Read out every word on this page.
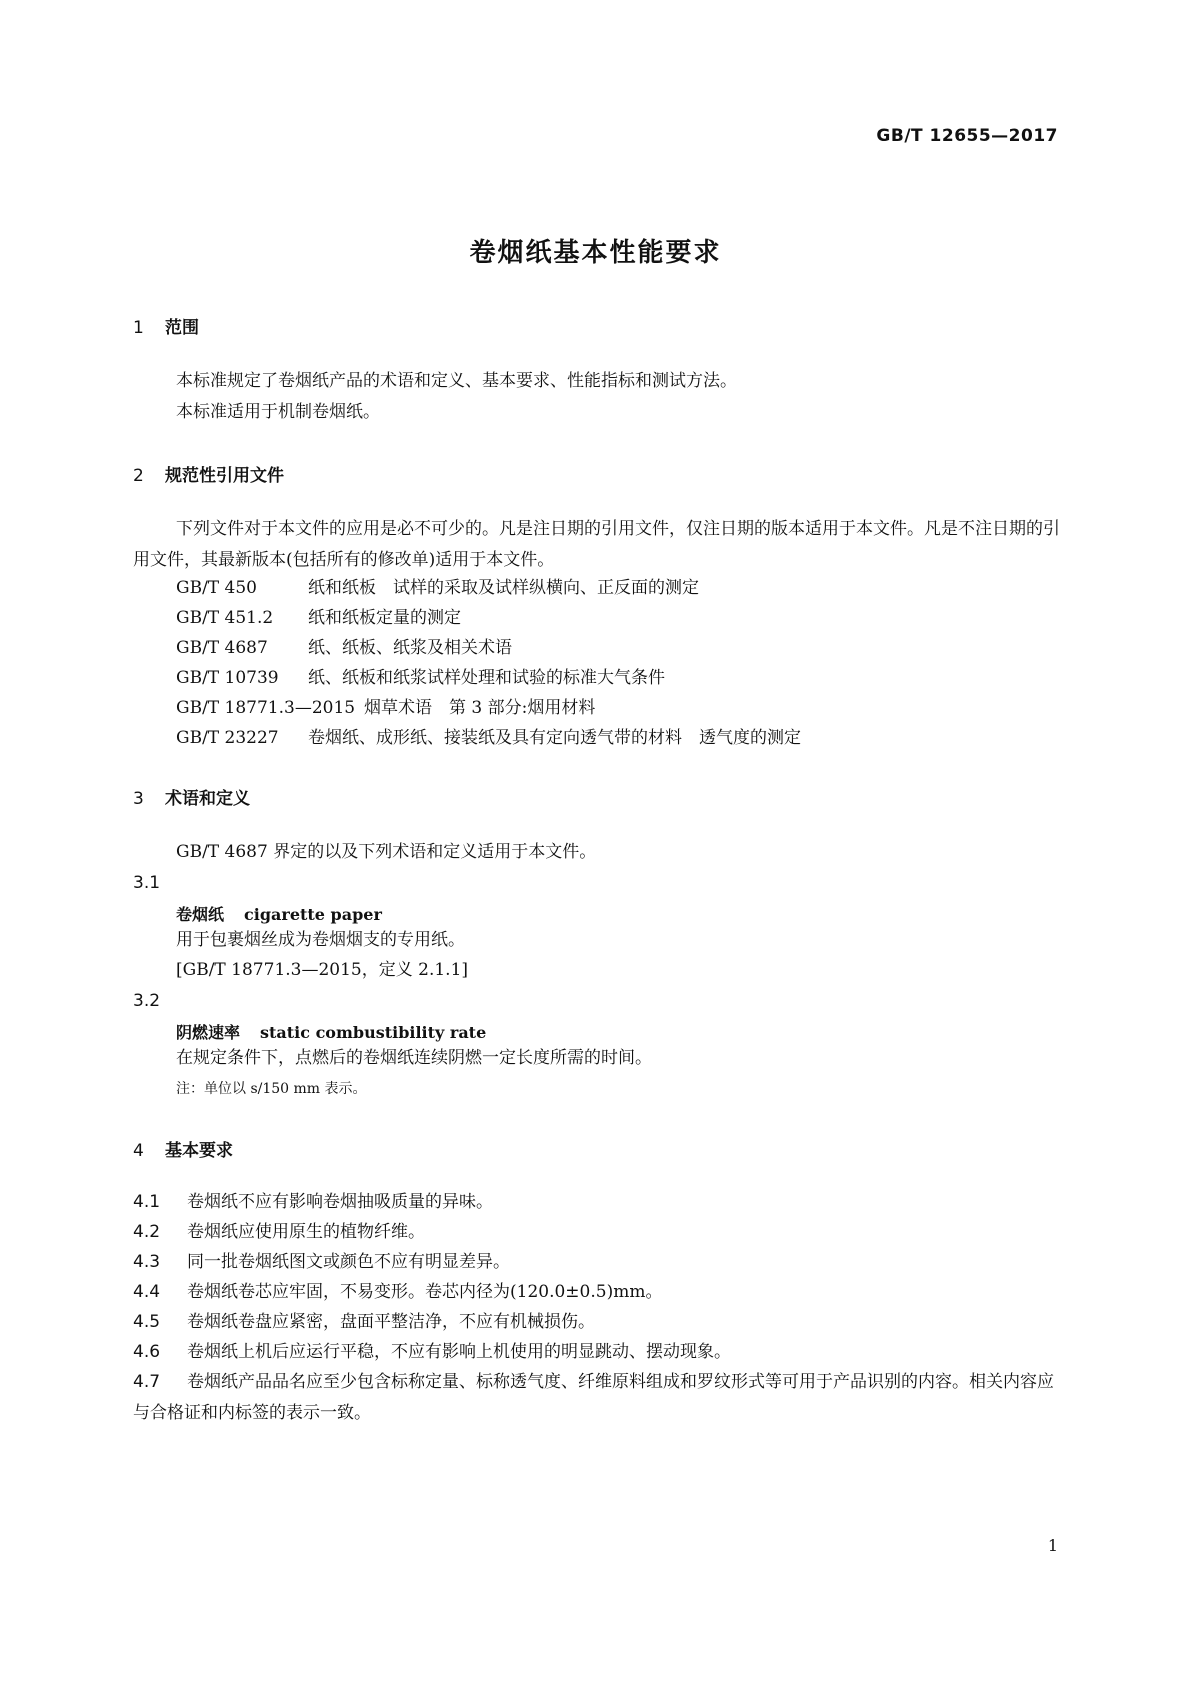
GB/T 12655—2017
卷烟纸基本性能要求
1 范围
本标准规定了卷烟纸产品的术语和定义、基本要求、性能指标和测试方法。
本标准适用于机制卷烟纸。
2 规范性引用文件
下列文件对于本文件的应用是必不可少的。凡是注日期的引用文件，仅注日期的版本适用于本文件。凡是不注日期的引用文件，其最新版本(包括所有的修改单)适用于本文件。
GB/T 450	纸和纸板　试样的采取及试样纵横向、正反面的测定
GB/T 451.2 纸和纸板定量的测定
GB/T 4687 纸、纸板、纸浆及相关术语
GB/T 10739 纸、纸板和纸浆试样处理和试验的标准大气条件
GB/T 18771.3—2015 烟草术语　第 3 部分:烟用材料
GB/T 23227 卷烟纸、成形纸、接装纸及具有定向透气带的材料　透气度的测定
3 术语和定义
GB/T 4687 界定的以及下列术语和定义适用于本文件。
3.1
卷烟纸 cigarette paper
用于包裹烟丝成为卷烟烟支的专用纸。
[GB/T 18771.3—2015，定义 2.1.1]
3.2
阴燃速率 static combustibility rate
在规定条件下，点燃后的卷烟纸连续阴燃一定长度所需的时间。
注：单位以 s/150 mm 表示。
4 基本要求
4.1 卷烟纸不应有影响卷烟抽吸质量的异味。
4.2 卷烟纸应使用原生的植物纤维。
4.3 同一批卷烟纸图文或颜色不应有明显差异。
4.4 卷烟纸卷芯应牢固，不易变形。卷芯内径为(120.0±0.5)mm。
4.5 卷烟纸卷盘应紧密，盘面平整洁净，不应有机械损伤。
4.6 卷烟纸上机后应运行平稳，不应有影响上机使用的明显跳动、摆动现象。
4.7 卷烟纸产品品名应至少包含标称定量、标称透气度、纤维原料组成和罗纹形式等可用于产品识别的内容。相关内容应与合格证和内标签的表示一致。
1
